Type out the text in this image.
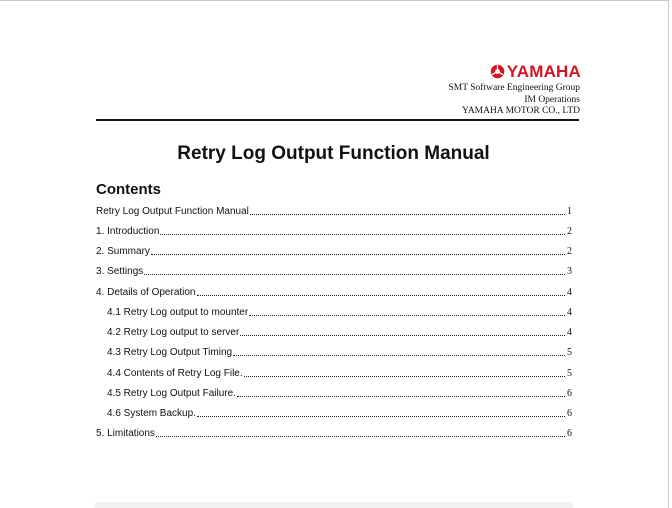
YAMAHA
SMT Software Engineering Group
IM Operations
YAMAHA MOTOR CO., LTD
Retry Log Output Function Manual
Contents
Retry Log Output Function Manual	1
1. Introduction	2
2. Summary	2
3. Settings	3
4. Details of Operation	4
4.1 Retry Log output to mounter	4
4.2 Retry Log output to server	4
4.3 Retry Log Output Timing	5
4.4 Contents of Retry Log File.	5
4.5 Retry Log Output Failure.	6
4.6 System Backup.	6
5. Limitations	6
